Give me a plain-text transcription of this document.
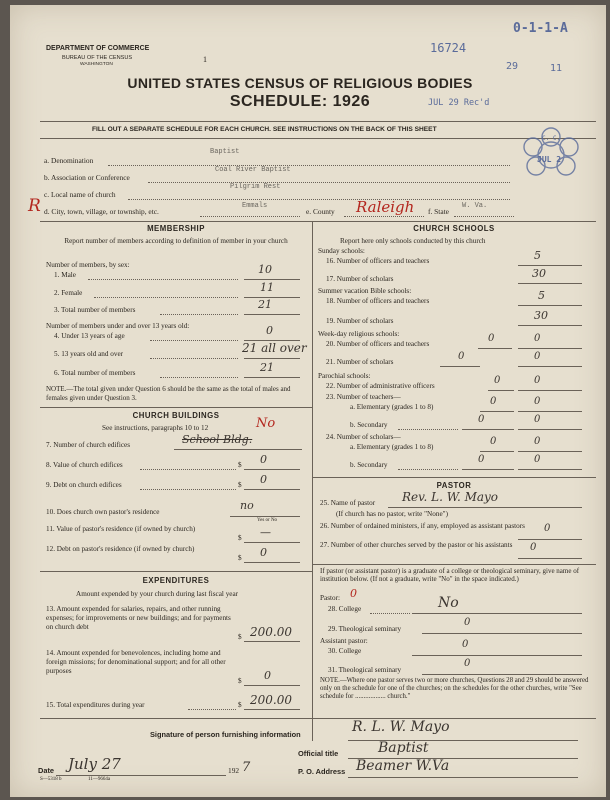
DEPARTMENT OF COMMERCE
BUREAU OF THE CENSUS
WASHINGTON
1
16724
0-1-1-A
29	11
UNITED STATES CENSUS OF RELIGIOUS BODIES
SCHEDULE: 1926	JUL 29 Rec'd
FILL OUT A SEPARATE SCHEDULE FOR EACH CHURCH. SEE INSTRUCTIONS ON THE BACK OF THIS SHEET
C. C.
JUL 2
a. Denomination
Baptist
b. Association or Conference
Coal River Baptist
c. Local name of church
Pilgrim Rest
R d. City, town, village, or township, etc.
Emmals
e. County Raleigh f. State
W. Va.
MEMBERSHIP
Report number of members according to definition of member in your church
Number of members, by sex:
1. Male	10
2. Female	11
3. Total number of members	21
Number of members under and over 13 years old:
4. Under 13 years of age	0
5. 13 years old and over	21 all over
6. Total number of members	21
NOTE.—The total given under Question 6 should be the same as the total of males and females given under Question 3.
CHURCH BUILDINGS
See instructions, paragraphs 10 to 12	No
7. Number of church edifices	School Bldg.
8. Value of church edifices	$ 0
9. Debt on church edifices	$ 0
10. Does church own pastor's residence	no
Yes or No
11. Value of pastor's residence (if owned by church)
$ —
12. Debt on pastor's residence (if owned by church)
$ 0
EXPENDITURES
Amount expended by your church during last fiscal year
13. Amount expended for salaries, repairs, and other running expenses; for improvements or new buildings; and for payments on church debt
$ 200.00
14. Amount expended for benevolences, including home and foreign missions; for denominational support; and for all other purposes
$ 0
15. Total expenditures during year	$ 200.00
CHURCH SCHOOLS
Report here only schools conducted by this church
Sunday schools:
16. Number of officers and teachers	5
17. Number of scholars	30
Summer vacation Bible schools:
18. Number of officers and teachers	5
19. Number of scholars	30
Week-day religious schools:
20. Number of officers and teachers	0	0
21. Number of scholars	0	0
Parochial schools:
22. Number of administrative officers	0	0
23. Number of teachers—
a. Elementary (grades 1 to 8)	0	0
b. Secondary	0	0
24. Number of scholars—
a. Elementary (grades 1 to 8)	0	0
b. Secondary	0	0
PASTOR
25. Name of pastor Rev. L. W. Mayo
(If church has no pastor, write "None")
26. Number of ordained ministers, if any, employed as assistant pastors 0
27. Number of other churches served by the pastor or his assistants	0
If pastor (or assistant pastor) is a graduate of a college or theological seminary, give name of institution below. (If not a graduate, write "No" in the space indicated.)
Pastor: 0
28. College	No
29. Theological seminary
0
Assistant pastor:
30. College
0
31. Theological seminary
0
NOTE.—Where one pastor serves two or more churches, Questions 28 and 29 should be answered only on the schedule for one of the churches; on the schedules for the other churches, write "See schedule for .................. church."
Signature of person furnishing information	R. L. W. Mayo
Official title	Baptist
Date July 27	192 7	P. O. Address Beamer W.Va
S—5318 b	11—9664a
